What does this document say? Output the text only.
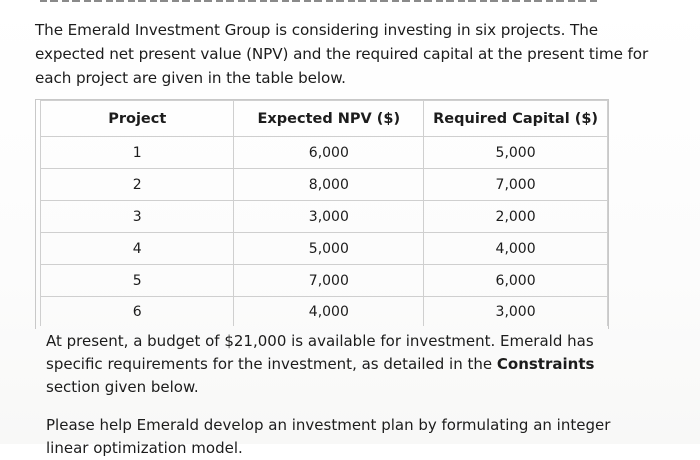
The Emerald Investment Group is considering investing in six projects. The expected net present value (NPV) and the required capital at the present time for each project are given in the table below.
Project	Expected NPV ($)	Required Capital ($)
1	6,000	5,000
2	8,000	7,000
3	3,000	2,000
4	5,000	4,000
5	7,000	6,000
6	4,000	3,000

At present, a budget of $21,000 is available for investment. Emerald has specific requirements for the investment, as detailed in the Constraints section given below.

Please help Emerald develop an investment plan by formulating an integer linear optimization model.
